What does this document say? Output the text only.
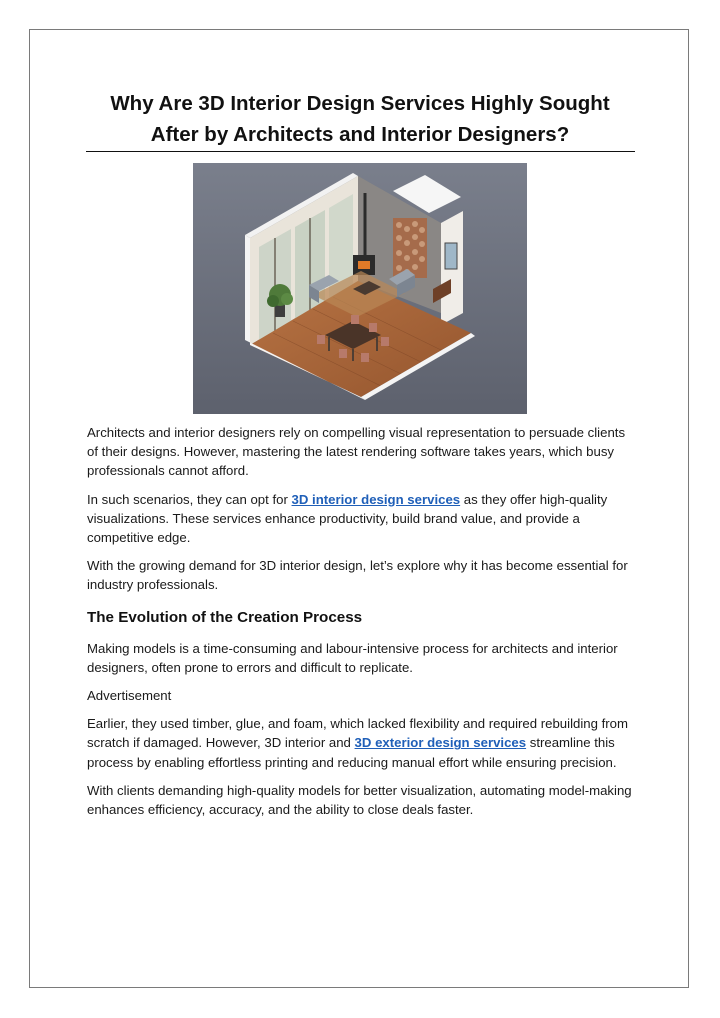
Why Are 3D Interior Design Services Highly Sought After by Architects and Interior Designers?

Architects and interior designers rely on compelling visual representation to persuade clients of their designs. However, mastering the latest rendering software takes years, which busy professionals cannot afford.

In such scenarios, they can opt for 3D interior design services as they offer high-quality visualizations. These services enhance productivity, build brand value, and provide a competitive edge.

With the growing demand for 3D interior design, let’s explore why it has become essential for industry professionals.

The Evolution of the Creation Process

Making models is a time-consuming and labour-intensive process for architects and interior designers, often prone to errors and difficult to replicate.

Advertisement

Earlier, they used timber, glue, and foam, which lacked flexibility and required rebuilding from scratch if damaged. However, 3D interior and 3D exterior design services streamline this process by enabling effortless printing and reducing manual effort while ensuring precision.

With clients demanding high-quality models for better visualization, automating model-making enhances efficiency, accuracy, and the ability to close deals faster.
